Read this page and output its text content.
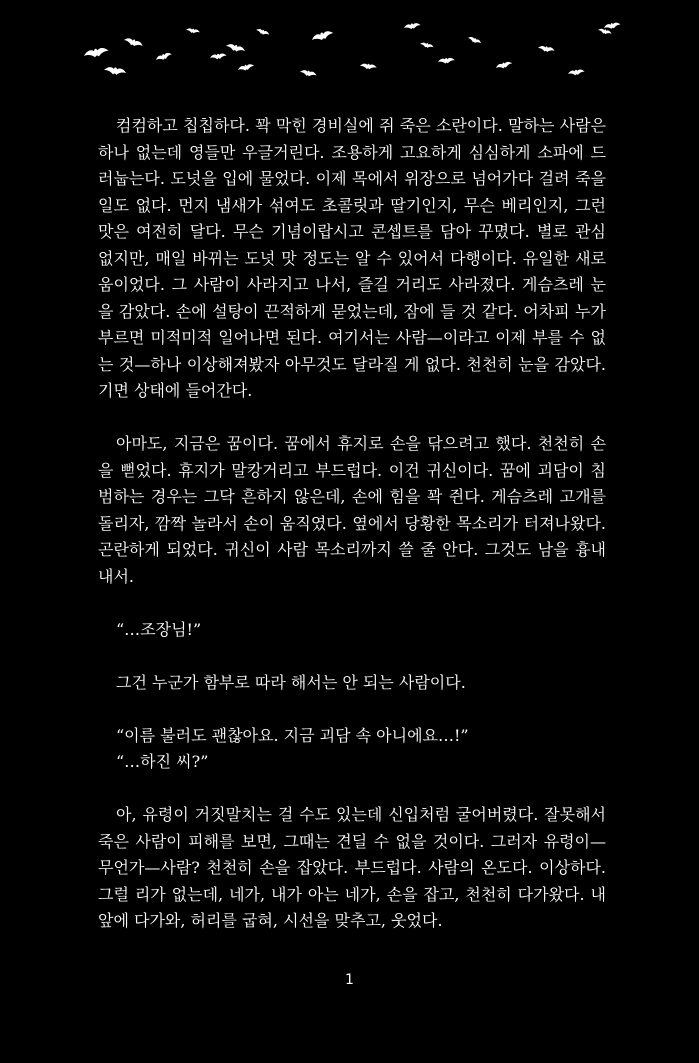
컴컴하고 칩칩하다. 꽉 막힌 경비실에 쥐 죽은 소란이다. 말하는 사람은 하나 없는데 영들만 우글거린다. 조용하게 고요하게 심심하게 소파에 드러눕는다. 도넛을 입에 물었다. 이제 목에서 위장으로 넘어가다 걸려 죽을 일도 없다. 먼지 냄새가 섞여도 초콜릿과 딸기인지, 무슨 베리인지, 그런 맛은 여전히 달다. 무슨 기념이랍시고 콘셉트를 담아 꾸몄다. 별로 관심 없지만, 매일 바뀌는 도넛 맛 정도는 알 수 있어서 다행이다. 유일한 새로움이었다. 그 사람이 사라지고 나서, 즐길 거리도 사라졌다. 게슴츠레 눈을 감았다. 손에 설탕이 끈적하게 묻었는데, 잠에 들 것 같다. 어차피 누가 부르면 미적미적 일어나면 된다. 여기서는 사람—이라고 이제 부를 수 없는 것—하나 이상해져봤자 아무것도 달라질 게 없다. 천천히 눈을 감았다. 기면 상태에 들어간다.

아마도, 지금은 꿈이다. 꿈에서 휴지로 손을 닦으려고 했다. 천천히 손을 뻗었다. 휴지가 말캉거리고 부드럽다. 이건 귀신이다. 꿈에 괴담이 침범하는 경우는 그닥 흔하지 않은데, 손에 힘을 꽉 쥔다. 게슴츠레 고개를 돌리자, 깜짝 놀라서 손이 움직였다. 옆에서 당황한 목소리가 터져나왔다. 곤란하게 되었다. 귀신이 사람 목소리까지 쓸 줄 안다. 그것도 남을 흉내 내서.

“…조장님!”

그건 누군가 함부로 따라 해서는 안 되는 사람이다.

“이름 불러도 괜찮아요. 지금 괴담 속 아니에요…!”

“…하진 씨?”

아, 유령이 거짓말치는 걸 수도 있는데 신입처럼 굴어버렸다. 잘못해서 죽은 사람이 피해를 보면, 그때는 견딜 수 없을 것이다. 그러자 유령이—무언가—사람? 천천히 손을 잡았다. 부드럽다. 사람의 온도다. 이상하다. 그럴 리가 없는데, 네가, 내가 아는 네가, 손을 잡고, 천천히 다가왔다. 내 앞에 다가와, 허리를 굽혀, 시선을 맞추고, 웃었다.

1
